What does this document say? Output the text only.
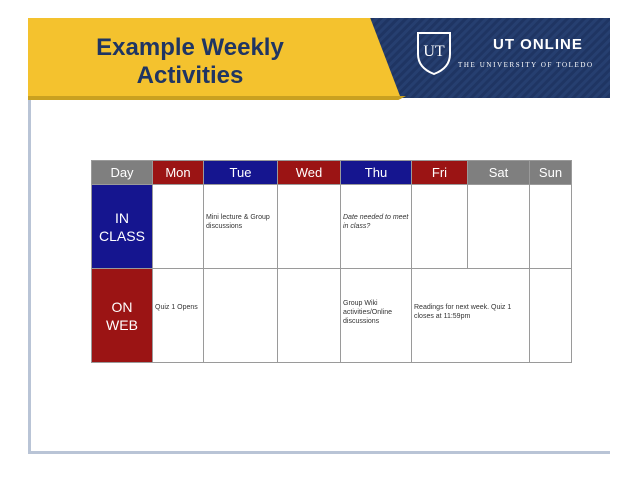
Example Weekly Activities
UT	UT ONLINE
THE UNIVERSITY OF TOLEDO
Day	Mon	Tue	Wed	Thu	Fri	Sat	Sun
IN CLASS		Mini lecture & Group discussions		Date needed to meet in class?			

ON WEB	Quiz 1 Opens			Group Wiki activities/Online discussions	Readings for next week. Quiz 1 closes at 11:59pm		
